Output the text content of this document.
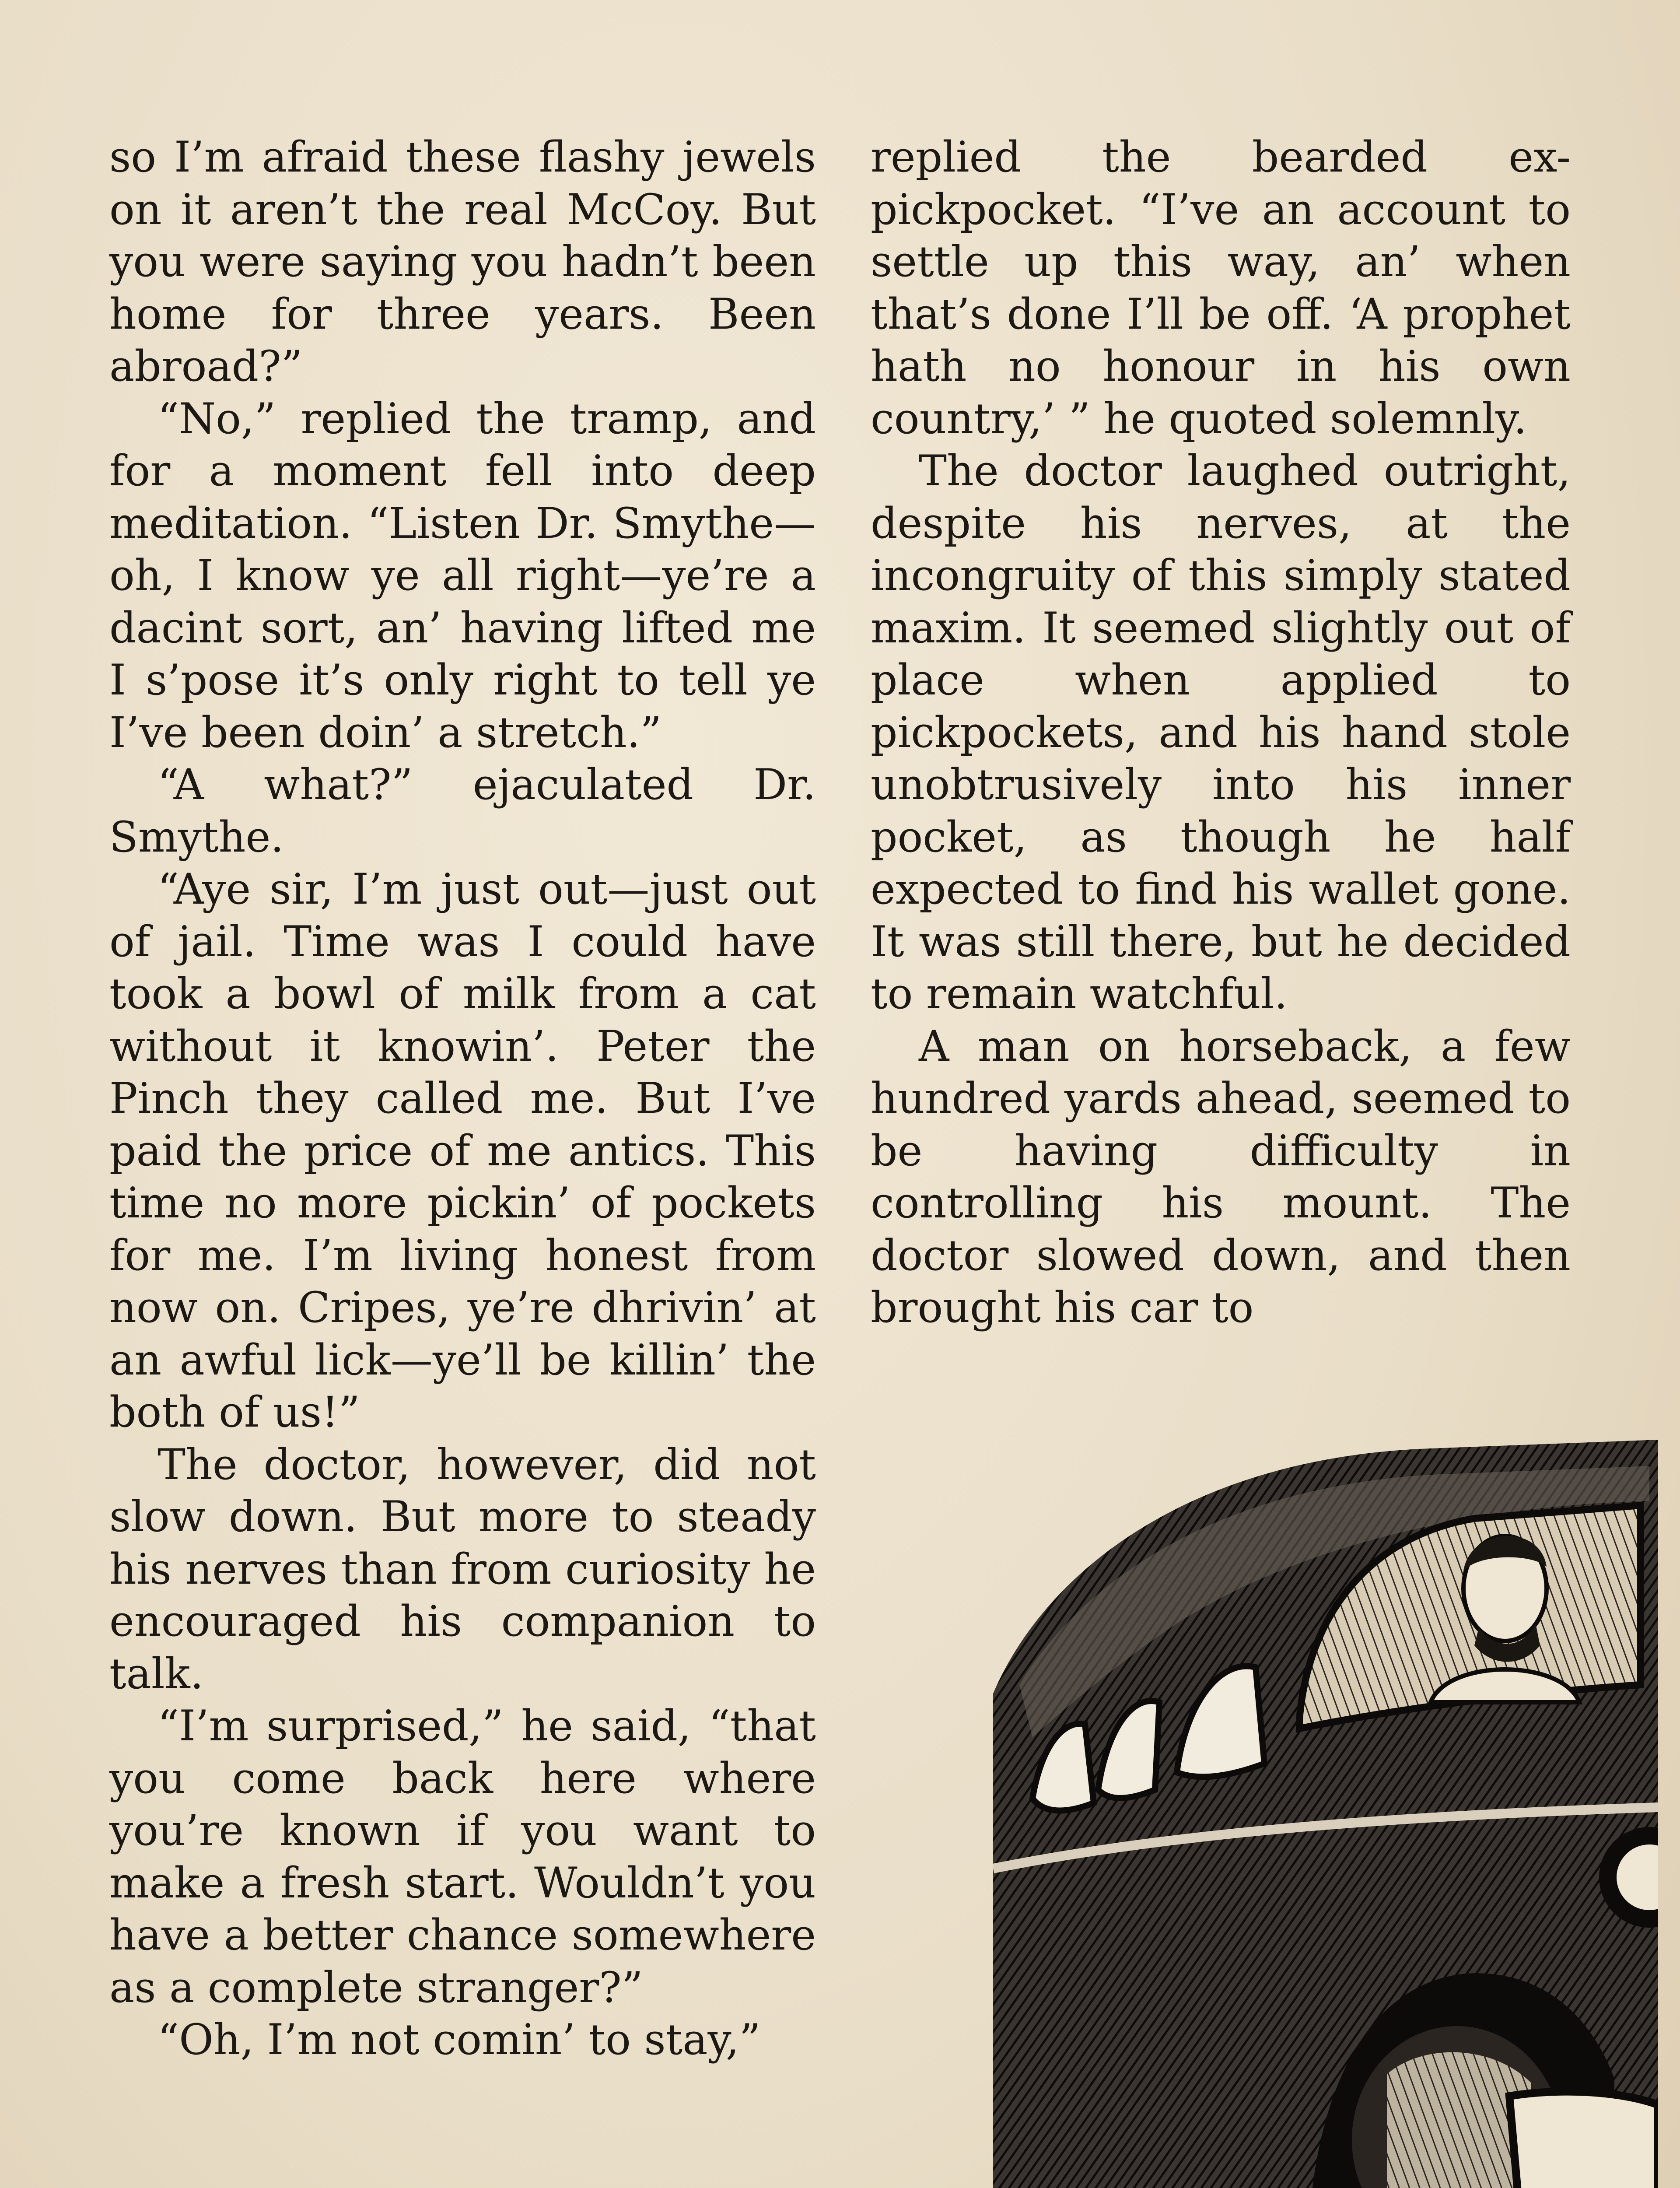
so I’m afraid these flashy jewels on it aren’t the real McCoy. But you were saying you hadn’t been home for three years. Been abroad?”

“No,” replied the tramp, and for a moment fell into deep meditation. “Listen Dr. Smythe—oh, I know ye all right—ye’re a dacint sort, an’ having lifted me I s’pose it’s only right to tell ye I’ve been doin’ a stretch.”

“A what?” ejaculated Dr. Smythe.

“Aye sir, I’m just out—just out of jail. Time was I could have took a bowl of milk from a cat without it knowin’. Peter the Pinch they called me. But I’ve paid the price of me antics. This time no more pickin’ of pockets for me. I’m living honest from now on. Cripes, ye’re dhrivin’ at an awful lick—ye’ll be killin’ the both of us!”

The doctor, however, did not slow down. But more to steady his nerves than from curiosity he encouraged his companion to talk.

“I’m surprised,” he said, “that you come back here where you’re known if you want to make a fresh start. Wouldn’t you have a better chance somewhere as a complete stranger?”

“Oh, I’m not comin’ to stay,”

replied the bearded ex-pickpocket. “I’ve an account to settle up this way, an’ when that’s done I’ll be off. ‘A prophet hath no honour in his own country,’ ” he quoted solemnly.

The doctor laughed outright, despite his nerves, at the incongruity of this simply stated maxim. It seemed slightly out of place when applied to pickpockets, and his hand stole unobtrusively into his inner pocket, as though he half expected to find his wallet gone. It was still there, but he decided to remain watchful.

A man on horseback, a few hundred yards ahead, seemed to be having difficulty in controlling his mount. The doctor slowed down, and then brought his car to
